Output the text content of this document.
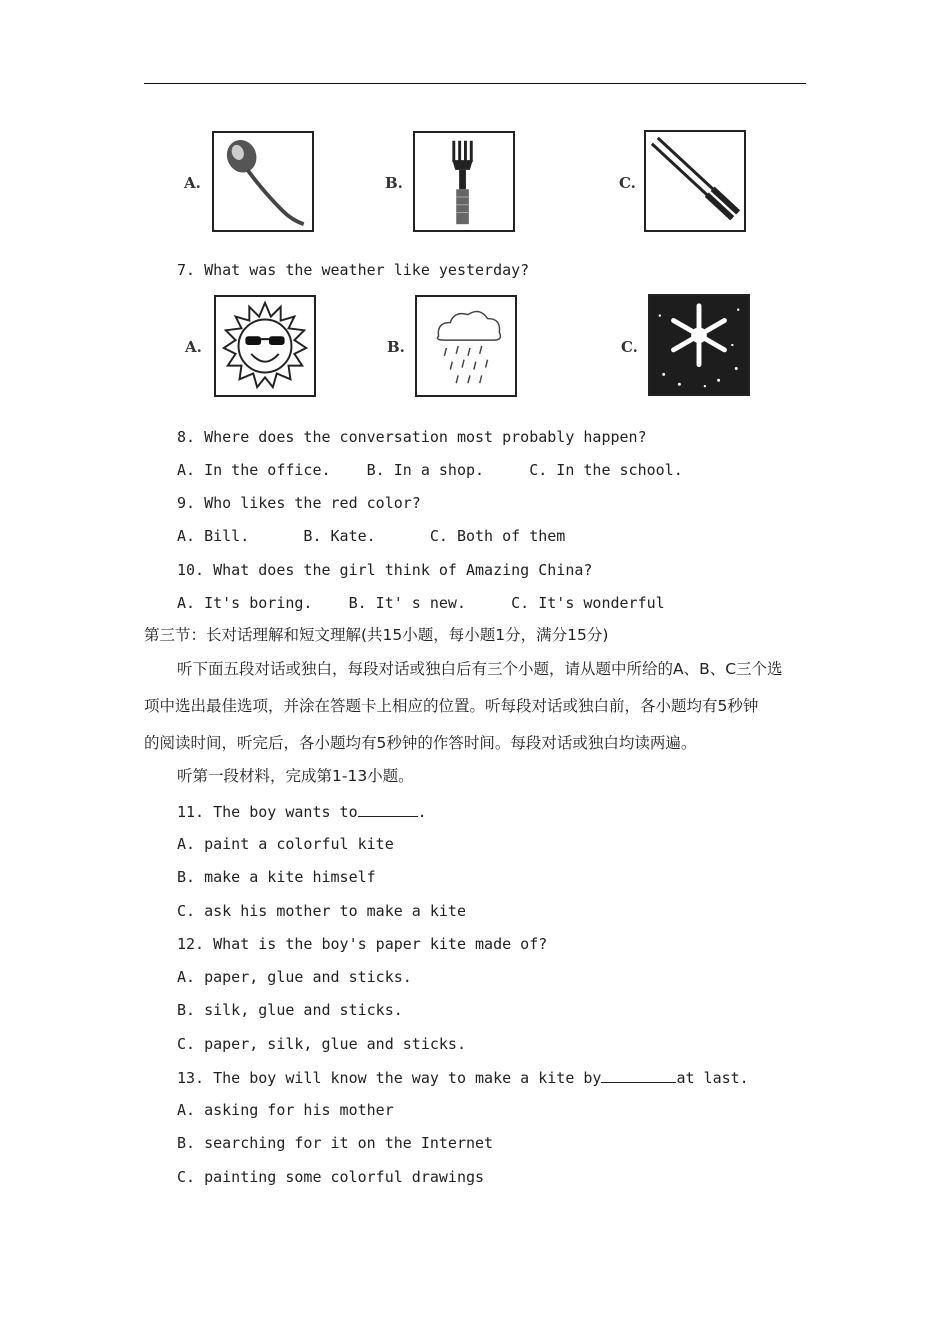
A.	B.	C.
7. What was the weather like yesterday?
A.	B.	C.
8. Where does the conversation most probably happen?
A. In the office.    B. In a shop.     C. In the school.
9. Who likes the red color?
A. Bill.      B. Kate.      C. Both of them
10. What does the girl think of Amazing China?
A. It's boring.    B. It' s new.     C. It's wonderful
第三节：长对话理解和短文理解(共15小题，每小题1分，满分15分)
听下面五段对话或独白，每段对话或独白后有三个小题，请从题中所给的A、B、C三个选
项中选出最佳选项，并涂在答题卡上相应的位置。听每段对话或独白前，各小题均有5秒钟
的阅读时间，听完后，各小题均有5秒钟的作答时间。每段对话或独白均读两遍。
听第一段材料，完成第1-13小题。
11. The boy wants to	.
A. paint a colorful kite
B. make a kite himself
C. ask his mother to make a kite
12. What is the boy's paper kite made of?
A. paper, glue and sticks.
B. silk, glue and sticks.
C. paper, silk, glue and sticks.
13. The boy will know the way to make a kite by	at last.
A. asking for his mother
B. searching for it on the Internet
C. painting some colorful drawings
